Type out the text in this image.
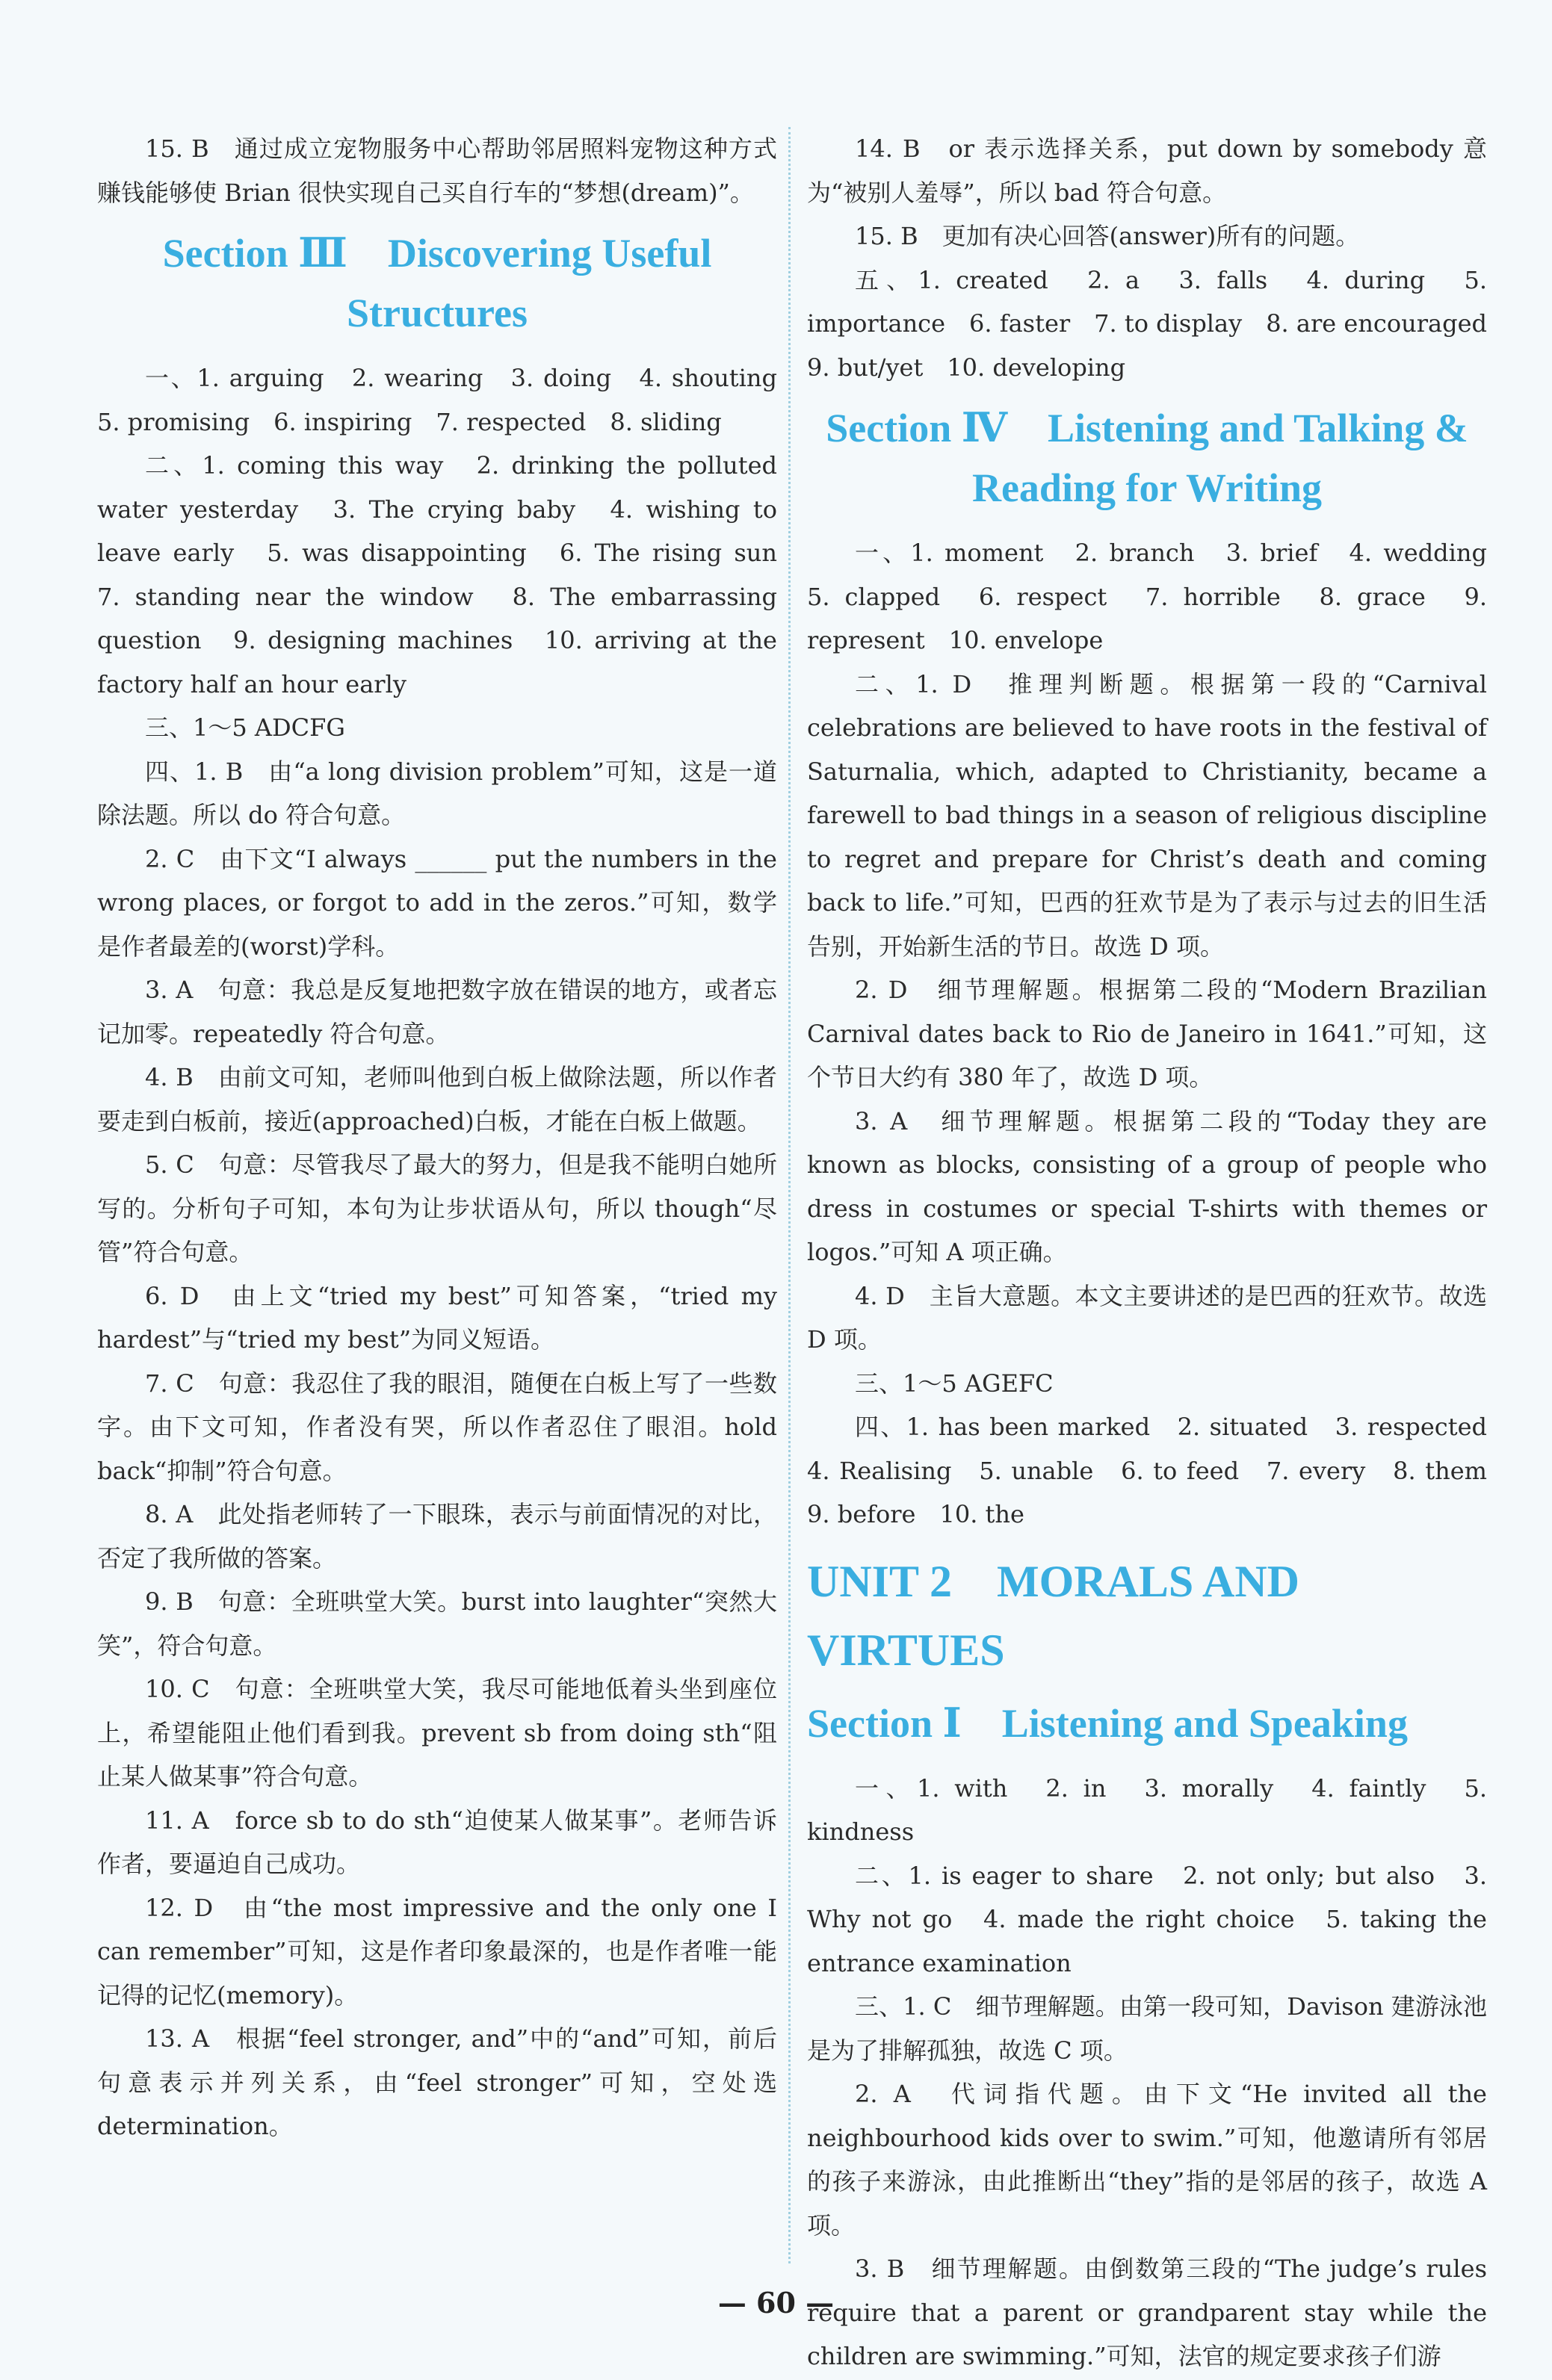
15. B　通过成立宠物服务中心帮助邻居照料宠物这种方式赚钱能够使 Brian 很快实现自己买自行车的“梦想(dream)”。

Section Ⅲ　Discovering Useful
Structures

一、1. arguing　2. wearing　3. doing　4. shouting　5. promising　6. inspiring　7. respected　8. sliding

二、1. coming this way　2. drinking the polluted water yesterday　3. The crying baby　4. wishing to leave early　5. was disappointing　6. The rising sun　7. standing near the window　8. The embarrassing question　9. designing machines　10. arriving at the factory half an hour early

三、1～5 ADCFG

四、1. B　由“a long division problem”可知，这是一道除法题。所以 do 符合句意。

2. C　由下文“I always ______ put the numbers in the wrong places, or forgot to add in the zeros.”可知，数学是作者最差的(worst)学科。

3. A　句意：我总是反复地把数字放在错误的地方，或者忘记加零。repeatedly 符合句意。

4. B　由前文可知，老师叫他到白板上做除法题，所以作者要走到白板前，接近(approached)白板，才能在白板上做题。

5. C　句意：尽管我尽了最大的努力，但是我不能明白她所写的。分析句子可知，本句为让步状语从句，所以 though“尽管”符合句意。

6. D　由上文“tried my best”可知答案，“tried my hardest”与“tried my best”为同义短语。

7. C　句意：我忍住了我的眼泪，随便在白板上写了一些数字。由下文可知，作者没有哭，所以作者忍住了眼泪。hold back“抑制”符合句意。

8. A　此处指老师转了一下眼珠，表示与前面情况的对比，否定了我所做的答案。

9. B　句意：全班哄堂大笑。burst into laughter“突然大笑”，符合句意。

10. C　句意：全班哄堂大笑，我尽可能地低着头坐到座位上，希望能阻止他们看到我。prevent sb from doing sth“阻止某人做某事”符合句意。

11. A　force sb to do sth“迫使某人做某事”。老师告诉作者，要逼迫自己成功。

12. D　由“the most impressive and the only one I can remember”可知，这是作者印象最深的，也是作者唯一能记得的记忆(memory)。

13. A　根据“feel stronger, and”中的“and”可知，前后句意表示并列关系，由“feel stronger”可知，空处选 determination。

14. B　or 表示选择关系，put down by somebody 意为“被别人羞辱”，所以 bad 符合句意。

15. B　更加有决心回答(answer)所有的问题。

五、1. created　2. a　3. falls　4. during　5. importance　6. faster　7. to display　8. are encouraged　9. but/yet　10. developing

Section Ⅳ　Listening and Talking &
Reading for Writing

一、1. moment　2. branch　3. brief　4. wedding　5. clapped　6. respect　7. horrible　8. grace　9. represent　10. envelope

二、1. D　推理判断题。根据第一段的“Carnival celebrations are believed to have roots in the festival of Saturnalia, which, adapted to Christianity, became a farewell to bad things in a season of religious discipline to regret and prepare for Christ’s death and coming back to life.”可知，巴西的狂欢节是为了表示与过去的旧生活告别，开始新生活的节日。故选 D 项。

2. D　细节理解题。根据第二段的“Modern Brazilian Carnival dates back to Rio de Janeiro in 1641.”可知，这个节日大约有 380 年了，故选 D 项。

3. A　细节理解题。根据第二段的“Today they are known as blocks, consisting of a group of people who dress in costumes or special T-shirts with themes or logos.”可知 A 项正确。

4. D　主旨大意题。本文主要讲述的是巴西的狂欢节。故选 D 项。

三、1～5 AGEFC

四、1. has been marked　2. situated　3. respected　4. Realising　5. unable　6. to feed　7. every　8. them　9. before　10. the

UNIT 2 MORALS AND VIRTUES
Section Ⅰ　Listening and Speaking

一、1. with　2. in　3. morally　4. faintly　5. kindness

二、1. is eager to share　2. not only; but also　3. Why not go　4. made the right choice　5. taking the entrance examination

三、1. C　细节理解题。由第一段可知，Davison 建游泳池是为了排解孤独，故选 C 项。

2. A　代词指代题。由下文“He invited all the neighbourhood kids over to swim.”可知，他邀请所有邻居的孩子来游泳，由此推断出“they”指的是邻居的孩子，故选 A 项。

3. B　细节理解题。由倒数第三段的“The judge’s rules require that a parent or grandparent stay while the children are swimming.”可知，法官的规定要求孩子们游

— 60 —
